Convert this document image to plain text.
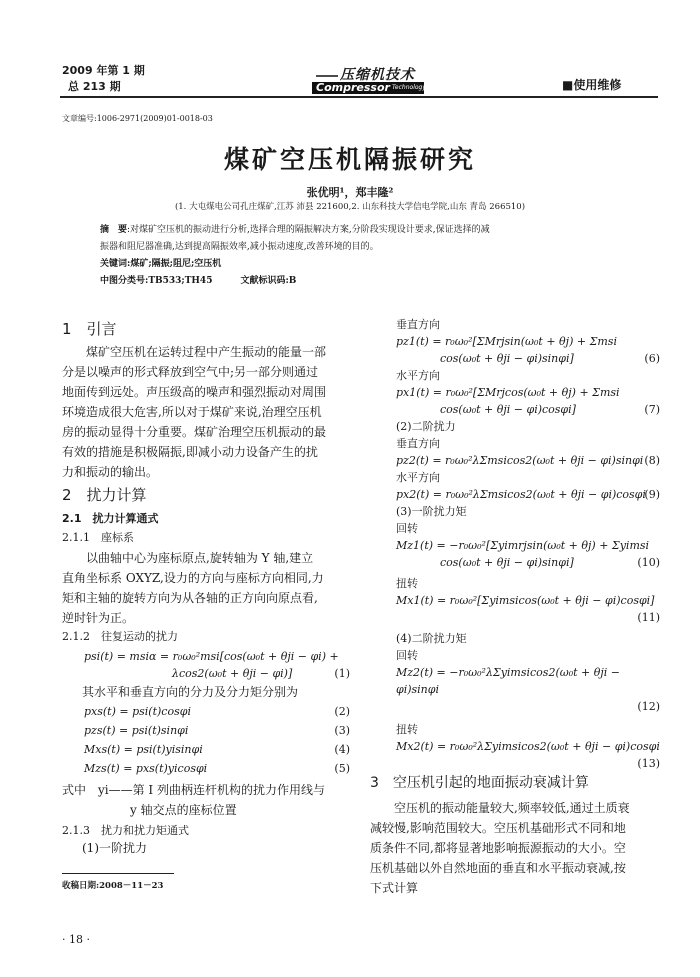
2009 年第 1 期
总 213 期
压缩机技术
Compressor Technology	■使用维修
文章编号:1006-2971(2009)01-0018-03
煤矿空压机隔振研究
张优明¹，郑丰隆²
(1. 大屯煤电公司孔庄煤矿,江苏 沛县 221600,2. 山东科技大学信电学院,山东 青岛 266510)
摘　要:对煤矿空压机的振动进行分析,选择合理的隔振解决方案,分阶段实现设计要求,保证选择的减
振器和阻尼器准确,达到提高隔振效率,减小振动速度,改善环境的目的。
关键词:煤矿;隔振;阻尼;空压机
中图分类号:TB533;TH45	文献标识码:B
1　引言
煤矿空压机在运转过程中产生振动的能量一部
分是以噪声的形式释放到空气中;另一部分则通过
地面传到远处。声压级高的噪声和强烈振动对周围
环境造成很大危害,所以对于煤矿来说,治理空压机
房的振动显得十分重要。煤矿治理空压机振动的最
有效的措施是积极隔振,即减小动力设备产生的扰
力和振动的输出。
2　扰力计算
2.1　扰力计算通式
2.1.1　座标系
以曲轴中心为座标原点,旋转轴为 Y 轴,建立
直角坐标系 OXYZ,设力的方向与座标方向相同,力
矩和主轴的旋转方向为从各轴的正方向向原点看,
逆时针为正。
2.1.2　往复运动的扰力
psi(t) = msiα = r₀ω₀²msi[cos(ω₀t + θji − φi) +
λcos2(ω₀t + θji − φi)]	(1)
其水平和垂直方向的分力及分力矩分别为
pxs(t) = psi(t)cosφi	(2)
pzs(t) = psi(t)sinφi	(3)
Mxs(t) = psi(t)yisinφi	(4)
Mzs(t) = pxs(t)yicosφi	(5)
式中　yi——第 I 列曲柄连杆机构的扰力作用线与
y 轴交点的座标位置
2.1.3　扰力和扰力矩通式
(1)一阶扰力
收稿日期:2008－11－23
· 18 ·
垂直方向
pz1(t) = r₀ω₀²[ΣMrjsin(ω₀t + θj) + Σmsi
cos(ω₀t + θji − φi)sinφi]	(6)
水平方向
px1(t) = r₀ω₀²[ΣMrjcos(ω₀t + θj) + Σmsi
cos(ω₀t + θji − φi)cosφi]	(7)
(2)二阶扰力
垂直方向
pz2(t) = r₀ω₀²λΣmsicos2(ω₀t + θji − φi)sinφi (8)
水平方向
px2(t) = r₀ω₀²λΣmsicos2(ω₀t + θji − φi)cosφi
(9)
(3)一阶扰力矩
回转
Mz1(t) = −r₀ω₀²[Σyimrjsin(ω₀t + θj) + Σyimsi
cos(ω₀t + θji − φi)sinφi]	(10)
扭转
Mx1(t) = r₀ω₀²[Σyimsicos(ω₀t + θji − φi)cosφi]
(11)
(4)二阶扰力矩
回转
Mz2(t) = −r₀ω₀²λΣyimsicos2(ω₀t + θji − φi)sinφi
(12)
扭转
Mx2(t) = r₀ω₀²λΣyimsicos2(ω₀t + θji − φi)cosφi
(13)
3　空压机引起的地面振动衰减计算
空压机的振动能量较大,频率较低,通过土质衰
减较慢,影响范围较大。空压机基础形式不同和地
质条件不同,都将显著地影响振源振动的大小。空
压机基础以外自然地面的垂直和水平振动衰减,按
下式计算
